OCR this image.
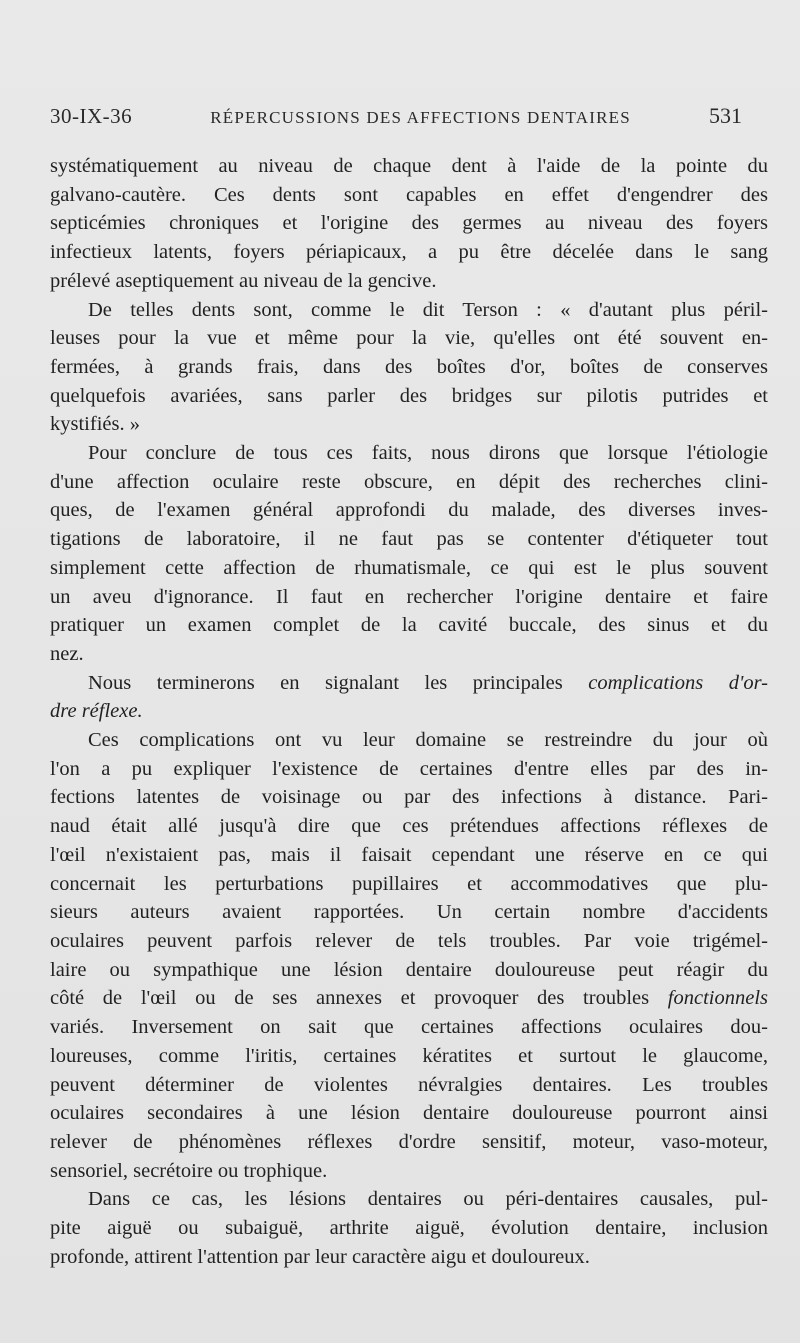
30-IX-36	RÉPERCUSSIONS DES AFFECTIONS DENTAIRES	531
systématiquement au niveau de chaque dent à l'aide de la pointe du
galvano-cautère. Ces dents sont capables en effet d'engendrer des
septicémies chroniques et l'origine des germes au niveau des foyers
infectieux latents, foyers périapicaux, a pu être décelée dans le sang
prélevé aseptiquement au niveau de la gencive.
De telles dents sont, comme le dit Terson : « d'autant plus péril-
leuses pour la vue et même pour la vie, qu'elles ont été souvent en-
fermées, à grands frais, dans des boîtes d'or, boîtes de conserves
quelquefois avariées, sans parler des bridges sur pilotis putrides et
kystifiés. »
Pour conclure de tous ces faits, nous dirons que lorsque l'étiologie
d'une affection oculaire reste obscure, en dépit des recherches clini-
ques, de l'examen général approfondi du malade, des diverses inves-
tigations de laboratoire, il ne faut pas se contenter d'étiqueter tout
simplement cette affection de rhumatismale, ce qui est le plus souvent
un aveu d'ignorance. Il faut en rechercher l'origine dentaire et faire
pratiquer un examen complet de la cavité buccale, des sinus et du
nez.
Nous terminerons en signalant les principales complications d'or-
dre réflexe.
Ces complications ont vu leur domaine se restreindre du jour où
l'on a pu expliquer l'existence de certaines d'entre elles par des in-
fections latentes de voisinage ou par des infections à distance. Pari-
naud était allé jusqu'à dire que ces prétendues affections réflexes de
l'œil n'existaient pas, mais il faisait cependant une réserve en ce qui
concernait les perturbations pupillaires et accommodatives que plu-
sieurs auteurs avaient rapportées. Un certain nombre d'accidents
oculaires peuvent parfois relever de tels troubles. Par voie trigémel-
laire ou sympathique une lésion dentaire douloureuse peut réagir du
côté de l'œil ou de ses annexes et provoquer des troubles fonctionnels
variés. Inversement on sait que certaines affections oculaires dou-
loureuses, comme l'iritis, certaines kératites et surtout le glaucome,
peuvent déterminer de violentes névralgies dentaires. Les troubles
oculaires secondaires à une lésion dentaire douloureuse pourront ainsi
relever de phénomènes réflexes d'ordre sensitif, moteur, vaso-moteur,
sensoriel, secrétoire ou trophique.
Dans ce cas, les lésions dentaires ou péri-dentaires causales, pul-
pite aiguë ou subaiguë, arthrite aiguë, évolution dentaire, inclusion
profonde, attirent l'attention par leur caractère aigu et douloureux.
